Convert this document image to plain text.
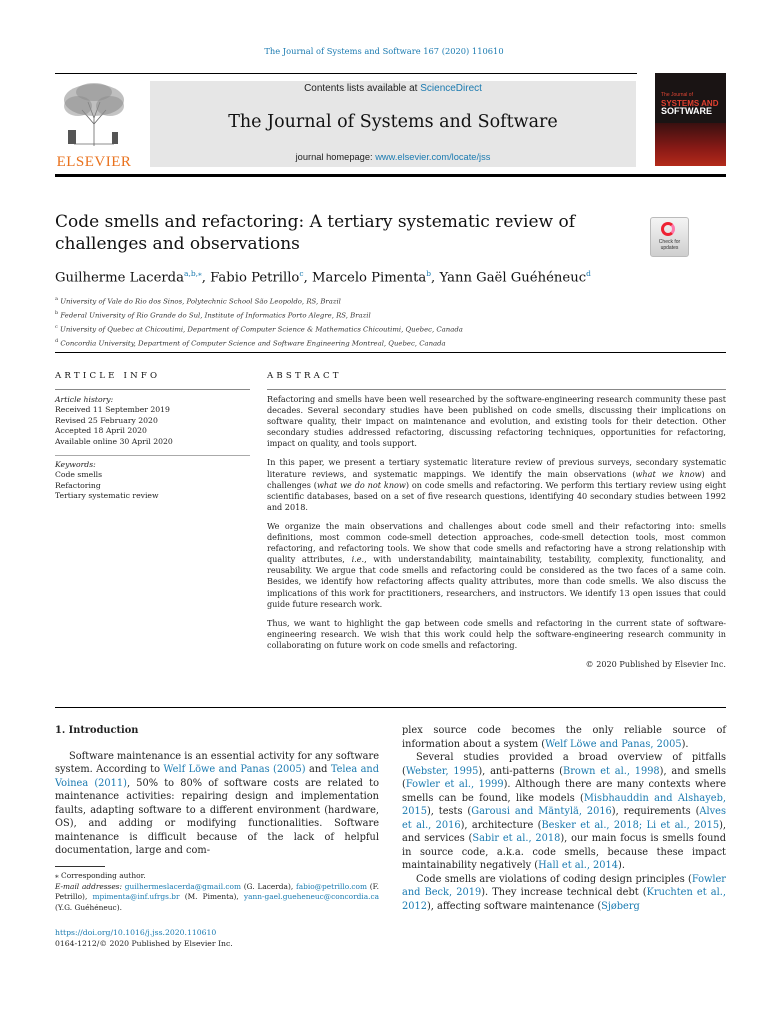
The Journal of Systems and Software 167 (2020) 110610
ELSEVIER
Contents lists available at ScienceDirect
The Journal of Systems and Software
journal homepage: www.elsevier.com/locate/jss
The Journal of
SYSTEMS AND
SOFTWARE
Code smells and refactoring: A tertiary systematic review of challenges and observations	Check for updates
Guilherme Lacerda$^{a,b,⁎}$, Fabio Petrillo$^c$, Marcelo Pimenta$^b$, Yann Gaël Guéhéneuc$^d$
$^a$ University of Vale do Rio dos Sinos, Polytechnic School São Leopoldo, RS, Brazil
$^b$ Federal University of Rio Grande do Sul, Institute of Informatics Porto Alegre, RS, Brazil
$^c$ University of Quebec at Chicoutimi, Department of Computer Science & Mathematics Chicoutimi, Quebec, Canada
$^d$ Concordia University, Department of Computer Science and Software Engineering Montreal, Quebec, Canada
ARTICLE INFO
Article history:
Received 11 September 2019
Revised 25 February 2020
Accepted 18 April 2020
Available online 30 April 2020
Keywords:
Code smells
Refactoring
Tertiary systematic review
ABSTRACT

Refactoring and smells have been well researched by the software-engineering research community these past decades. Several secondary studies have been published on code smells, discussing their implications on software quality, their impact on maintenance and evolution, and existing tools for their detection. Other secondary studies addressed refactoring, discussing refactoring techniques, opportunities for refactoring, impact on quality, and tools support.

In this paper, we present a tertiary systematic literature review of previous surveys, secondary systematic literature reviews, and systematic mappings. We identify the main observations (what we know) and challenges (what we do not know) on code smells and refactoring. We perform this tertiary review using eight scientific databases, based on a set of five research questions, identifying 40 secondary studies between 1992 and 2018.

We organize the main observations and challenges about code smell and their refactoring into: smells definitions, most common code-smell detection approaches, code-smell detection tools, most common refactoring, and refactoring tools. We show that code smells and refactoring have a strong relationship with quality attributes, i.e., with understandability, maintainability, testability, complexity, functionality, and reusability. We argue that code smells and refactoring could be considered as the two faces of a same coin. Besides, we identify how refactoring affects quality attributes, more than code smells. We also discuss the implications of this work for practitioners, researchers, and instructors. We identify 13 open issues that could guide future research work.

Thus, we want to highlight the gap between code smells and refactoring in the current state of software-engineering research. We wish that this work could help the software-engineering research community in collaborating on future work on code smells and refactoring.

© 2020 Published by Elsevier Inc.

1. Introduction

Software maintenance is an essential activity for any software system. According to Welf Löwe and Panas (2005) and Telea and Voinea (2011), 50% to 80% of software costs are related to maintenance activities: repairing design and implementation faults, adapting software to a different environment (hardware, OS), and adding or modifying functionalities. Software maintenance is difficult because of the lack of helpful documentation, large and com-

plex source code becomes the only reliable source of information about a system (Welf Löwe and Panas, 2005).

Several studies provided a broad overview of pitfalls (Webster, 1995), anti-patterns (Brown et al., 1998), and smells (Fowler et al., 1999). Although there are many contexts where smells can be found, like models (Misbhauddin and Alshayeb, 2015), tests (Garousi and Mäntylä, 2016), requirements (Alves et al., 2016), architecture (Besker et al., 2018; Li et al., 2015), and services (Sabir et al., 2018), our main focus is smells found in source code, a.k.a. code smells, because these impact maintainability negatively (Hall et al., 2014).

Code smells are violations of coding design principles (Fowler and Beck, 2019). They increase technical debt (Kruchten et al., 2012), affecting software maintenance (Sjøberg

⁎ Corresponding author.
E-mail addresses: guilhermeslacerda@gmail.com (G. Lacerda), fabio@petrillo.com (F. Petrillo), mpimenta@inf.ufrgs.br (M. Pimenta), yann-gael.gueheneuc@concordia.ca (Y.G. Guéhéneuc).
https://doi.org/10.1016/j.jss.2020.110610
0164-1212/© 2020 Published by Elsevier Inc.
